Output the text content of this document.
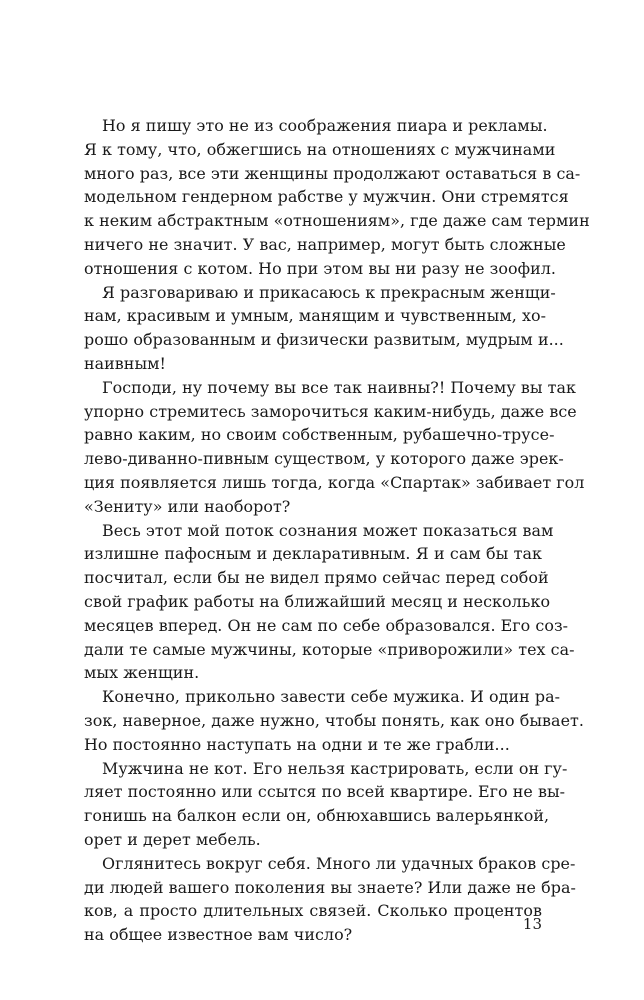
Но я пишу это не из соображения пиара и рекламы.
Я к тому, что, обжегшись на отношениях с мужчинами
много раз, все эти женщины продолжают оставаться в са-
модельном гендерном рабстве у мужчин. Они стремятся
к неким абстрактным «отношениям», где даже сам термин
ничего не значит. У вас, например, могут быть сложные
отношения с котом. Но при этом вы ни разу не зоофил.
Я разговариваю и прикасаюсь к прекрасным женщи-
нам, красивым и умным, манящим и чувственным, хо-
рошо образованным и физически развитым, мудрым и...
наивным!
Господи, ну почему вы все так наивны?! Почему вы так
упорно стремитесь заморочиться каким-нибудь, даже все
равно каким, но своим собственным, рубашечно-трусе-
лево-диванно-пивным существом, у которого даже эрек-
ция появляется лишь тогда, когда «Спартак» забивает гол
«Зениту» или наоборот?
Весь этот мой поток сознания может показаться вам
излишне пафосным и декларативным. Я и сам бы так
посчитал, если бы не видел прямо сейчас перед собой
свой график работы на ближайший месяц и несколько
месяцев вперед. Он не сам по себе образовался. Его соз-
дали те самые мужчины, которые «приворожили» тех са-
мых женщин.
Конечно, прикольно завести себе мужика. И один ра-
зок, наверное, даже нужно, чтобы понять, как оно бывает.
Но постоянно наступать на одни и те же грабли...
Мужчина не кот. Его нельзя кастрировать, если он гу-
ляет постоянно или ссытся по всей квартире. Его не вы-
гонишь на балкон если он, обнюхавшись валерьянкой,
орет и дерет мебель.
Оглянитесь вокруг себя. Много ли удачных браков сре-
ди людей вашего поколения вы знаете? Или даже не бра-
ков, а просто длительных связей. Сколько процентов
на общее известное вам число?
13
